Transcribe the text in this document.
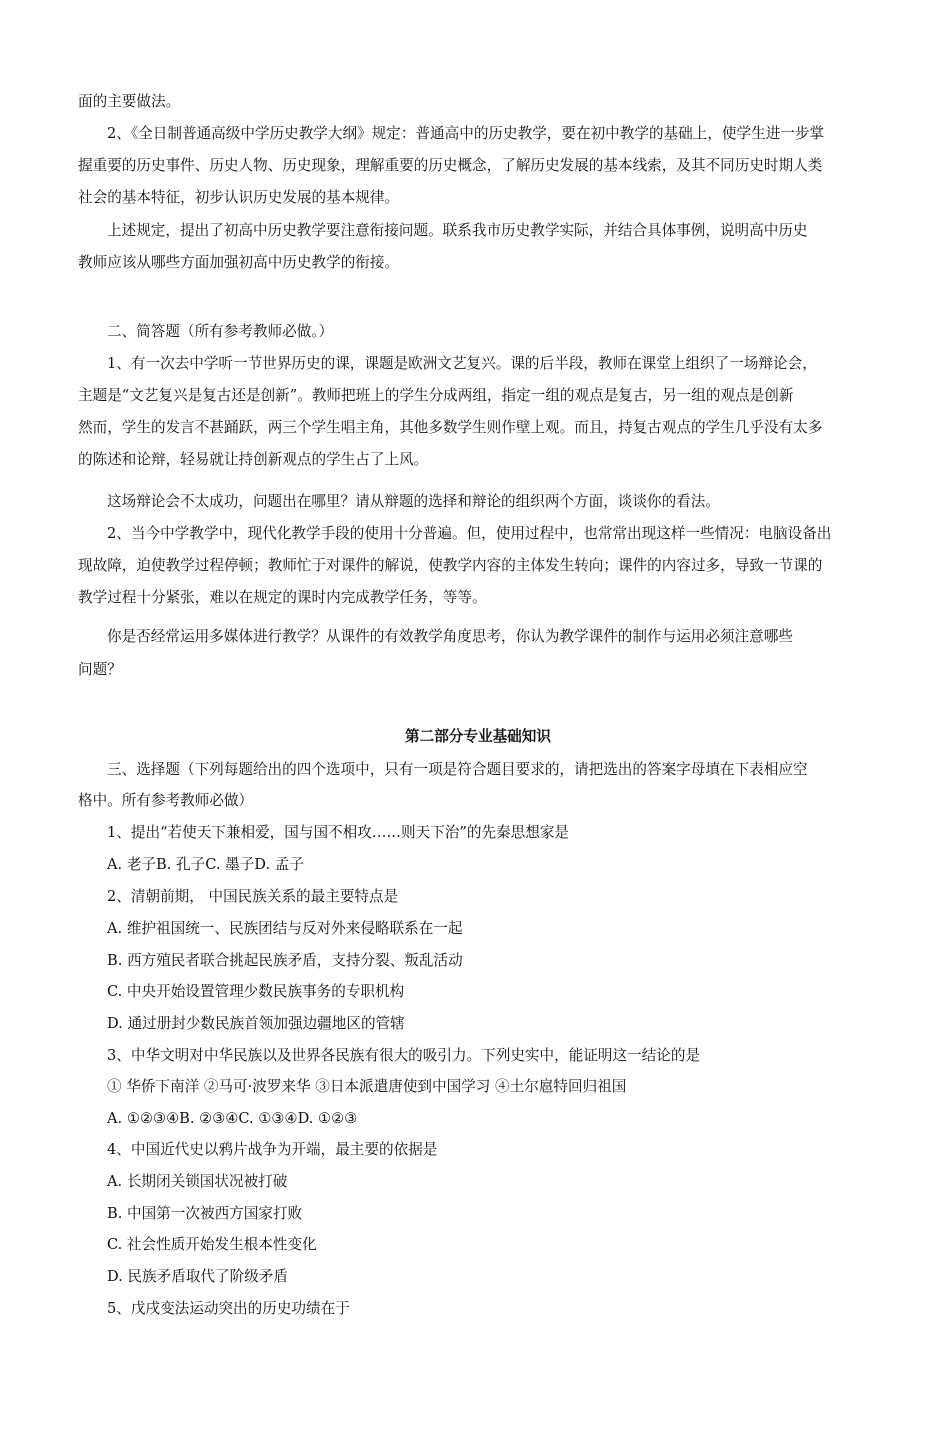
面的主要做法。
2、《全日制普通高级中学历史教学大纲》规定：普通高中的历史教学，要在初中教学的基础上，使学生进一步掌
握重要的历史事件、历史人物、历史现象，理解重要的历史概念，了解历史发展的基本线索，及其不同历史时期人类
社会的基本特征，初步认识历史发展的基本规律。
上述规定，提出了初高中历史教学要注意衔接问题。联系我市历史教学实际，并结合具体事例，说明高中历史
教师应该从哪些方面加强初高中历史教学的衔接。
二、简答题（所有参考教师必做。）
1、有一次去中学听一节世界历史的课，课题是欧洲文艺复兴。课的后半段，教师在课堂上组织了一场辩论会，
主题是“文艺复兴是复古还是创新”。教师把班上的学生分成两组，指定一组的观点是复古，另一组的观点是创新
然而，学生的发言不甚踊跃，两三个学生唱主角，其他多数学生则作壁上观。而且，持复古观点的学生几乎没有太多
的陈述和论辩，轻易就让持创新观点的学生占了上风。
这场辩论会不太成功，问题出在哪里？请从辩题的选择和辩论的组织两个方面，谈谈你的看法。
2、当今中学教学中，现代化教学手段的使用十分普遍。但，使用过程中，也常常出现这样一些情况：电脑设备出
现故障，迫使教学过程停顿；教师忙于对课件的解说，使教学内容的主体发生转向；课件的内容过多，导致一节课的
教学过程十分紧张，难以在规定的课时内完成教学任务，等等。
你是否经常运用多媒体进行教学？从课件的有效教学角度思考，你认为教学课件的制作与运用必须注意哪些
问题？
第二部分专业基础知识
三、选择题（下列每题给出的四个选项中，只有一项是符合题目要求的，请把选出的答案字母填在下表相应空
格中。所有参考教师必做）
1、提出“若使天下兼相爱，国与国不相攻……则天下治”的先秦思想家是
A. 老子B. 孔子C. 墨子D. 孟子
2、清朝前期， 中国民族关系的最主要特点是
A. 维护祖国统一、民族团结与反对外来侵略联系在一起
B. 西方殖民者联合挑起民族矛盾，支持分裂、叛乱活动
C. 中央开始设置管理少数民族事务的专职机构
D. 通过册封少数民族首领加强边疆地区的管辖
3、中华文明对中华民族以及世界各民族有很大的吸引力。下列史实中，能证明这一结论的是
① 华侨下南洋 ②马可·波罗来华 ③日本派遣唐使到中国学习 ④土尔扈特回归祖国
A. ①②③④B. ②③④C. ①③④D. ①②③
4、中国近代史以鸦片战争为开端，最主要的依据是
A. 长期闭关锁国状况被打破
B. 中国第一次被西方国家打败
C. 社会性质开始发生根本性变化
D. 民族矛盾取代了阶级矛盾
5、戊戌变法运动突出的历史功绩在于
